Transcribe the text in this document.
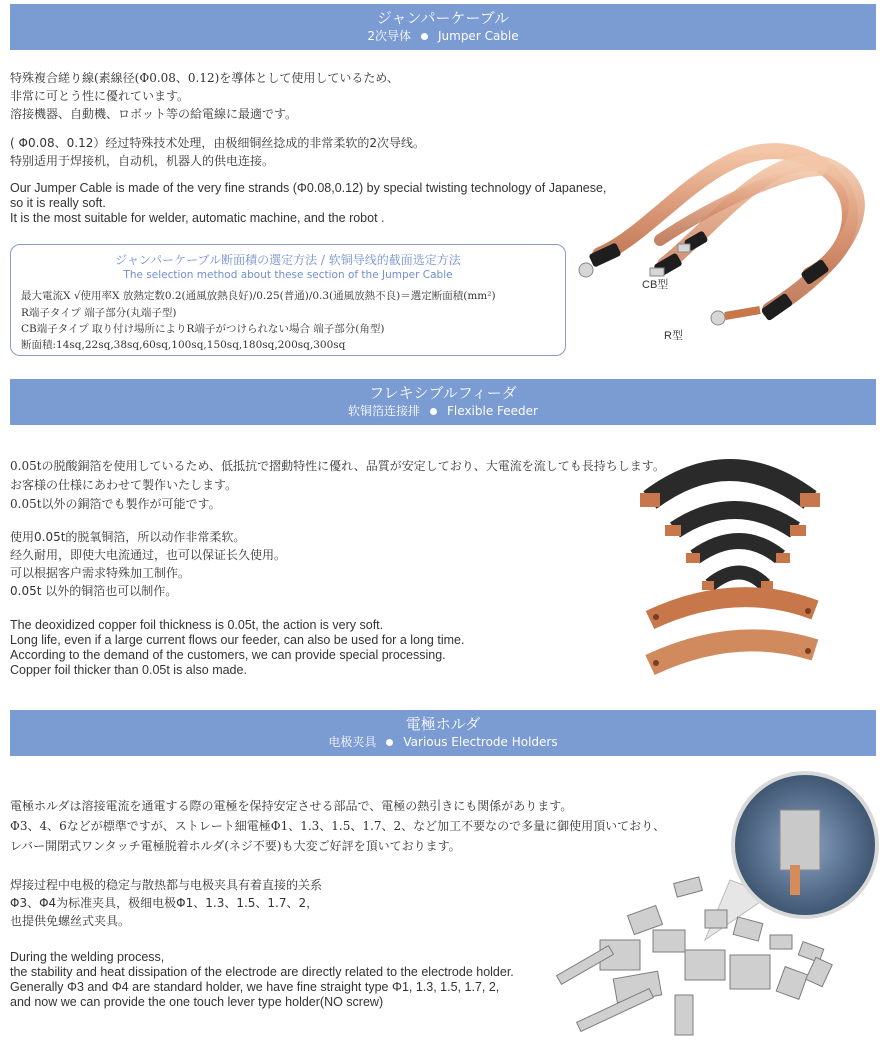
ジャンパーケーブル
2次导体 Jumper Cable
特殊複合縒り線(素線径(Φ0.08、0.12)を導体として使用しているため、
非常に可とう性に優れています。
溶接機器、自動機、ロボット等の給電線に最適です。
( Φ0.08、0.12）经过特殊技术处理，由极细铜丝捻成的非常柔软的2次导线。
特别适用于焊接机，自动机，机器人的供电连接。
Our Jumper Cable is made of the very fine strands (Φ0.08,0.12) by special twisting technology of Japanese,
so it is really soft.
It is the most suitable for welder, automatic machine, and the robot .
ジャンパーケーブル断面積の選定方法 / 软铜导线的截面选定方法
The selection method about these section of the Jumper Cable
最大電流X √使用率X 放熱定数0.2(通風放熱良好)/0.25(普通)/0.3(通風放熱不良)＝選定断面積(mm²)
R端子タイプ 端子部分(丸端子型)
CB端子タイプ 取り付け場所によりR端子がつけられない場合 端子部分(角型)
断面積:14sq,22sq,38sq,60sq,100sq,150sq,180sq,200sq,300sq
CB型
R型
フレキシブルフィーダ
软铜箔连接排 Flexible Feeder
0.05tの脱酸銅箔を使用しているため、低抵抗で摺動特性に優れ、品質が安定しており、大電流を流しても長持ちします。
お客様の仕様にあわせて製作いたします。
0.05t以外の銅箔でも製作が可能です。
使用0.05t的脱氧铜箔，所以动作非常柔软。
经久耐用，即使大电流通过，也可以保证长久使用。
可以根据客户需求特殊加工制作。
0.05t 以外的铜箔也可以制作。
The deoxidized copper foil thickness is 0.05t, the action is very soft.
Long life, even if a large current flows our feeder, can also be used for a long time.
According to the demand of the customers, we can provide special processing.
Copper foil thicker than 0.05t is also made.
電極ホルダ
电极夹具 Various Electrode Holders
電極ホルダは溶接電流を通電する際の電極を保持安定させる部品で、電極の熱引きにも関係があります。
Φ3、4、6などが標準ですが、ストレート細電極Φ1、1.3、1.5、1.7、2、など加工不要なので多量に御使用頂いており、
レバー開閉式ワンタッチ電極脱着ホルダ(ネジ不要)も大変ご好評を頂いております。
焊接过程中电极的稳定与散热都与电极夹具有着直接的关系
Φ3、Φ4为标准夹具，极细电极Φ1、1.3、1.5、1.7、2，
也提供免螺丝式夹具。
During the welding process,
the stability and heat dissipation of the electrode are directly related to the electrode holder.
Generally Φ3 and Φ4 are standard holder, we have fine straight type Φ1, 1.3, 1.5, 1.7, 2,
and now we can provide the one touch lever type holder(NO screw)
